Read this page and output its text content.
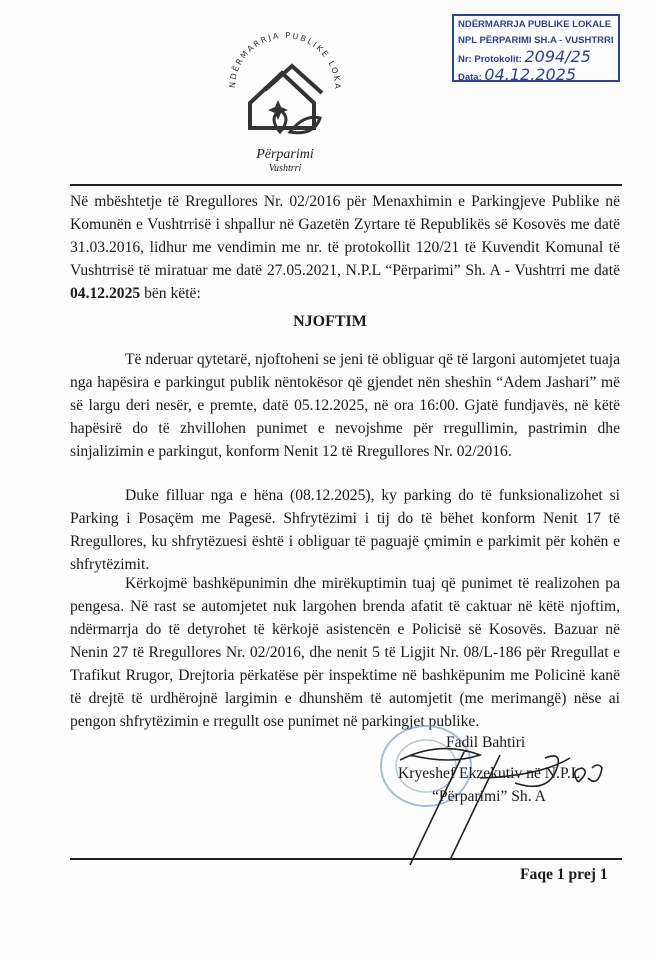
NDËRMARRJA PUBLIKE LOKALE
NPL PËRPARIMI SH.A - VUSHTRRI
Nr: Protokolit: 2094/25
Data: 04.12.2025
NDËRMARRJA PUBLIKE LOKA
Përparimi
Vushtrri
Në mbështetje të Rregullores Nr. 02/2016 për Menaxhimin e Parkingjeve Publike në Komunën e Vushtrrisë i shpallur në Gazetën Zyrtare të Republikës së Kosovës me datë 31.03.2016, lidhur me vendimin me nr. të protokollit 120/21 të Kuvendit Komunal të Vushtrrisë të miratuar me datë 27.05.2021, N.P.L “Përparimi” Sh. A - Vushtrri me datë 04.12.2025 bën këtë:
NJOFTIM
Të nderuar qytetarë, njoftoheni se jeni të obliguar që të largoni automjetet tuaja nga hapësira e parkingut publik nëntokësor që gjendet nën sheshin “Adem Jashari” më së largu deri nesër, e premte, datë 05.12.2025, në ora 16:00. Gjatë fundjavës, në këtë hapësirë do të zhvillohen punimet e nevojshme për rregullimin, pastrimin dhe sinjalizimin e parkingut, konform Nenit 12 të Rregullores Nr. 02/2016.
Duke filluar nga e hëna (08.12.2025), ky parking do të funksionalizohet si Parking i Posaçëm me Pagesë. Shfrytëzimi i tij do të bëhet konform Nenit 17 të Rregullores, ku shfrytëzuesi është i obliguar të paguajë çmimin e parkimit për kohën e shfrytëzimit.
Kërkojmë bashkëpunimin dhe mirëkuptimin tuaj që punimet të realizohen pa pengesa. Në rast se automjetet nuk largohen brenda afatit të caktuar në këtë njoftim, ndërmarrja do të detyrohet të kërkojë asistencën e Policisë së Kosovës. Bazuar në Nenin 27 të Rregullores Nr. 02/2016, dhe nenit 5 të Ligjit Nr. 08/L-186 për Rregullat e Trafikut Rrugor, Drejtoria përkatëse për inspektime në bashkëpunim me Policinë kanë të drejtë të urdhërojnë largimin e dhunshëm të automjetit (me merimangë) nëse ai pengon shfrytëzimin e rregullt ose punimet në parkingjet publike.
Fadil Bahtiri
Kryeshef Ekzekutiv në N.P.L
“Përparimi” Sh. A
Faqe 1 prej 1
